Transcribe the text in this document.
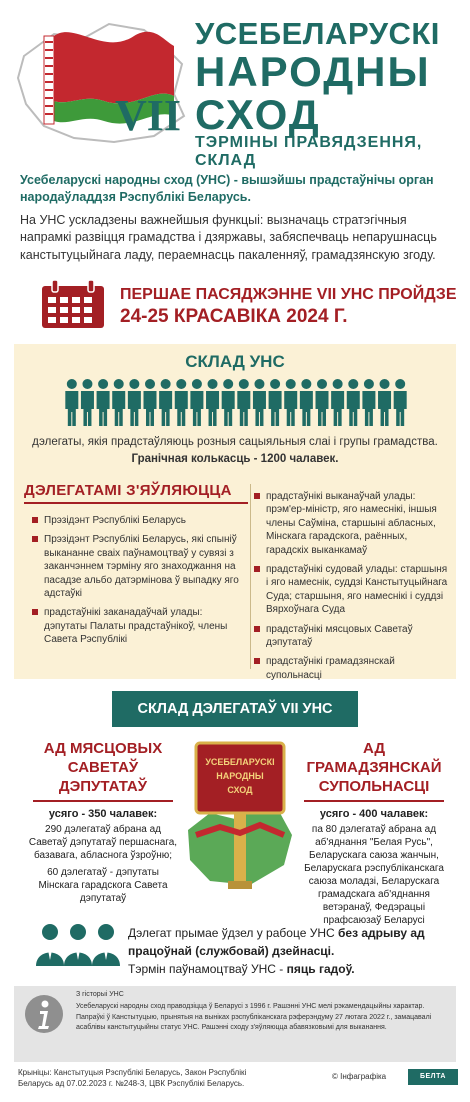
VII
УСЕБЕЛАРУСКІ
НАРОДНЫ
СХОД
ТЭРМІНЫ ПРАВЯДЗЕННЯ, СКЛАД
Усебеларускі народны сход (УНС) - вышэйшы прадстаўнічы орган народаўладдзя Рэспублікі Беларусь.
На УНС ускладзены важнейшыя функцыі: вызначаць стратэгічныя напрамкі развіцця грамадства і дзяржавы, забяспечваць непарушнасць канстытуцыйнага ладу, пераемнасць пакаленняў, грамадзянскую згоду.
ПЕРШАЕ ПАСЯДЖЭННЕ VII УНС ПРОЙДЗЕ
24-25 КРАСАВІКА 2024 Г.
СКЛАД УНС
дэлегаты, якія прадстаўляюць розныя сацыяльныя слаі і групы грамадства.
Гранічная колькасць - 1200 чалавек.
ДЭЛЕГАТАМІ З'ЯЎЛЯЮЦЦА
Прэзідэнт Рэспублікі Беларусь
Прэзідэнт Рэспублікі Беларусь, які спыніў выкананне сваіх паўнамоцтваў у сувязі з заканчэннем тэрміну яго знаходжання на пасадзе альбо датэрмінова ў выпадку яго адстаўкі
прадстаўнікі заканадаўчай улады: дэпутаты Палаты прадстаўнікоў, члены Савета Рэспублікі
прадстаўнікі выканаўчай улады: прэм'ер-міністр, яго намеснікі, іншыя члены Саўміна, старшыні абласных, Мінскага гарадскога, раённых, гарадскіх выканкамаў
прадстаўнікі судовай улады: старшыня і яго намеснік, суддзі Канстытуцыйнага Суда; старшыня, яго намеснікі і суддзі Вярхоўнага Суда
прадстаўнікі мясцовых Саветаў дэпутатаў
прадстаўнікі грамадзянскай супольнасці
СКЛАД ДЭЛЕГАТАЎ VII УНС
АД МЯСЦОВЫХ САВЕТАЎ ДЭПУТАТАЎ
усяго - 350 чалавек:
290 дэлегатаў абрана ад Саветаў дэпутатаў першаснага, базавага, абласнога ўзроўню;
60 дэлегатаў - дэпутаты Мінскага гарадскога Савета дэпутатаў
УСЕБЕЛАРУСКІ
НАРОДНЫ
СХОД
АД ГРАМАДЗЯНСКАЙ СУПОЛЬНАСЦІ
усяго - 400 чалавек:
па 80 дэлегатаў абрана ад аб'яднання "Белая Русь", Беларускага саюза жанчын, Беларускага рэспубліканскага саюза моладзі, Беларускага грамадскага аб'яднання ветэранаў, Федэрацыі прафсаюзаў Беларусі
Дэлегат прымае ўдзел у рабоце УНС без адрыву ад працоўнай (службовай) дзейнасці.
Тэрмін паўнамоцтваў УНС - пяць гадоў.
З гісторыі УНС
Усебеларускі народны сход праводзіцца ў Беларусі з 1996 г. Рашэнні УНС мелі рэкамендацыйны характар.
Папраўкі ў Канстытуцыю, прынятыя на выніках рэспубліканскага рэферэндуму 27 лютага 2022 г., замацавалі асаблівы канстытуцыйны статус УНС. Рашэнні сходу з'яўляюцца абавязковымі для выканання.
Крыніцы: Канстытуцыя Рэспублікі Беларусь, Закон Рэспублікі
Беларусь ад 07.02.2023 г. №248-З, ЦВК Рэспублікі Беларусь.
© Інфаграфіка	БЕЛТА
